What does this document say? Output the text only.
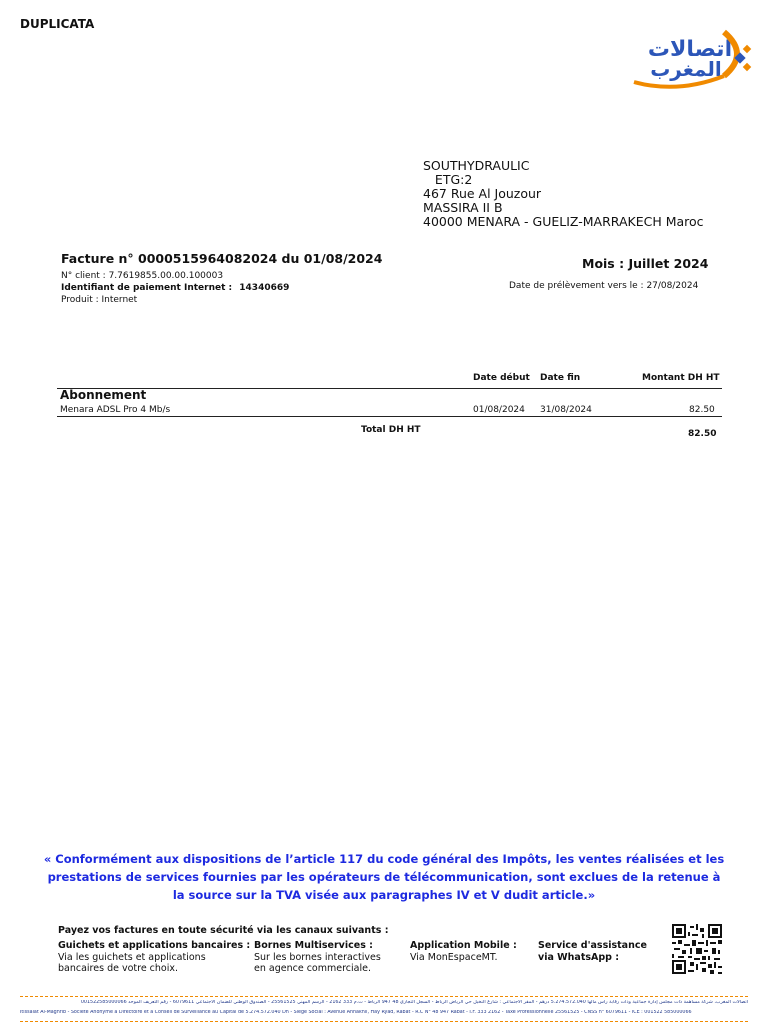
DUPLICATA
اتصالات
المغرب
SOUTHYDRAULIC
ETG:2
467 Rue Al Jouzour
MASSIRA II B
40000 MENARA - GUELIZ-MARRAKECH Maroc
Facture n° 0000515964082024 du 01/08/2024	Mois : Juillet 2024
N° client : 7.7619855.00.00.100003
Identifiant de paiement Internet : 14340669
Produit : Internet
Date de prélèvement vers le : 27/08/2024
Date début Date fin	Montant DH HT
Abonnement
Menara ADSL Pro 4 Mb/s	01/08/2024 31/08/2024	82.50
Total DH HT	82.50
« Conformément aux dispositions de l’article 117 du code général des Impôts, les ventes réalisées et les prestations de services fournies par les opérateurs de télécommunication, sont exclues de la retenue à la source sur la TVA visée aux paragraphes IV et V dudit article.»
Payez vos factures en toute sécurité via les canaux suivants :
Guichets et applications bancaires :
Via les guichets et applications
bancaires de votre choix.
Bornes Multiservices :
Sur les bornes interactives
en agence commerciale.
Application Mobile :
Via MonEspaceMT.
Service d'assistance
via WhatsApp :
اتصالات المغرب، شركة مساهمة ذات مجلس إدارة جماعية وذات رقابة رأس مالها 5.274.572.040 درهم - المقر الاجتماعي : شارع النخيل حي الرياض الرباط - السجل التجاري 48 947 الرباط - ت.م 333 2162 - الرسم المهني 25561525 - الصندوق الوطني للضمان الاجتماعي 6079611 - رقم التعريف الموحد 001522585000066
Itissalat Al-Maghrib - Société Anonyme à Directoire et à Conseil de Surveillance au Capital de 5.274.572.040 Dh - Siège Social : Avenue Annakhil, Hay Ryad, Rabat - R.C N° 48 947 Rabat - I.F. 333 2162 - Taxe Professionnelle 25561525 - CNSS n° 6079611 - ICE : 001522 585000066
